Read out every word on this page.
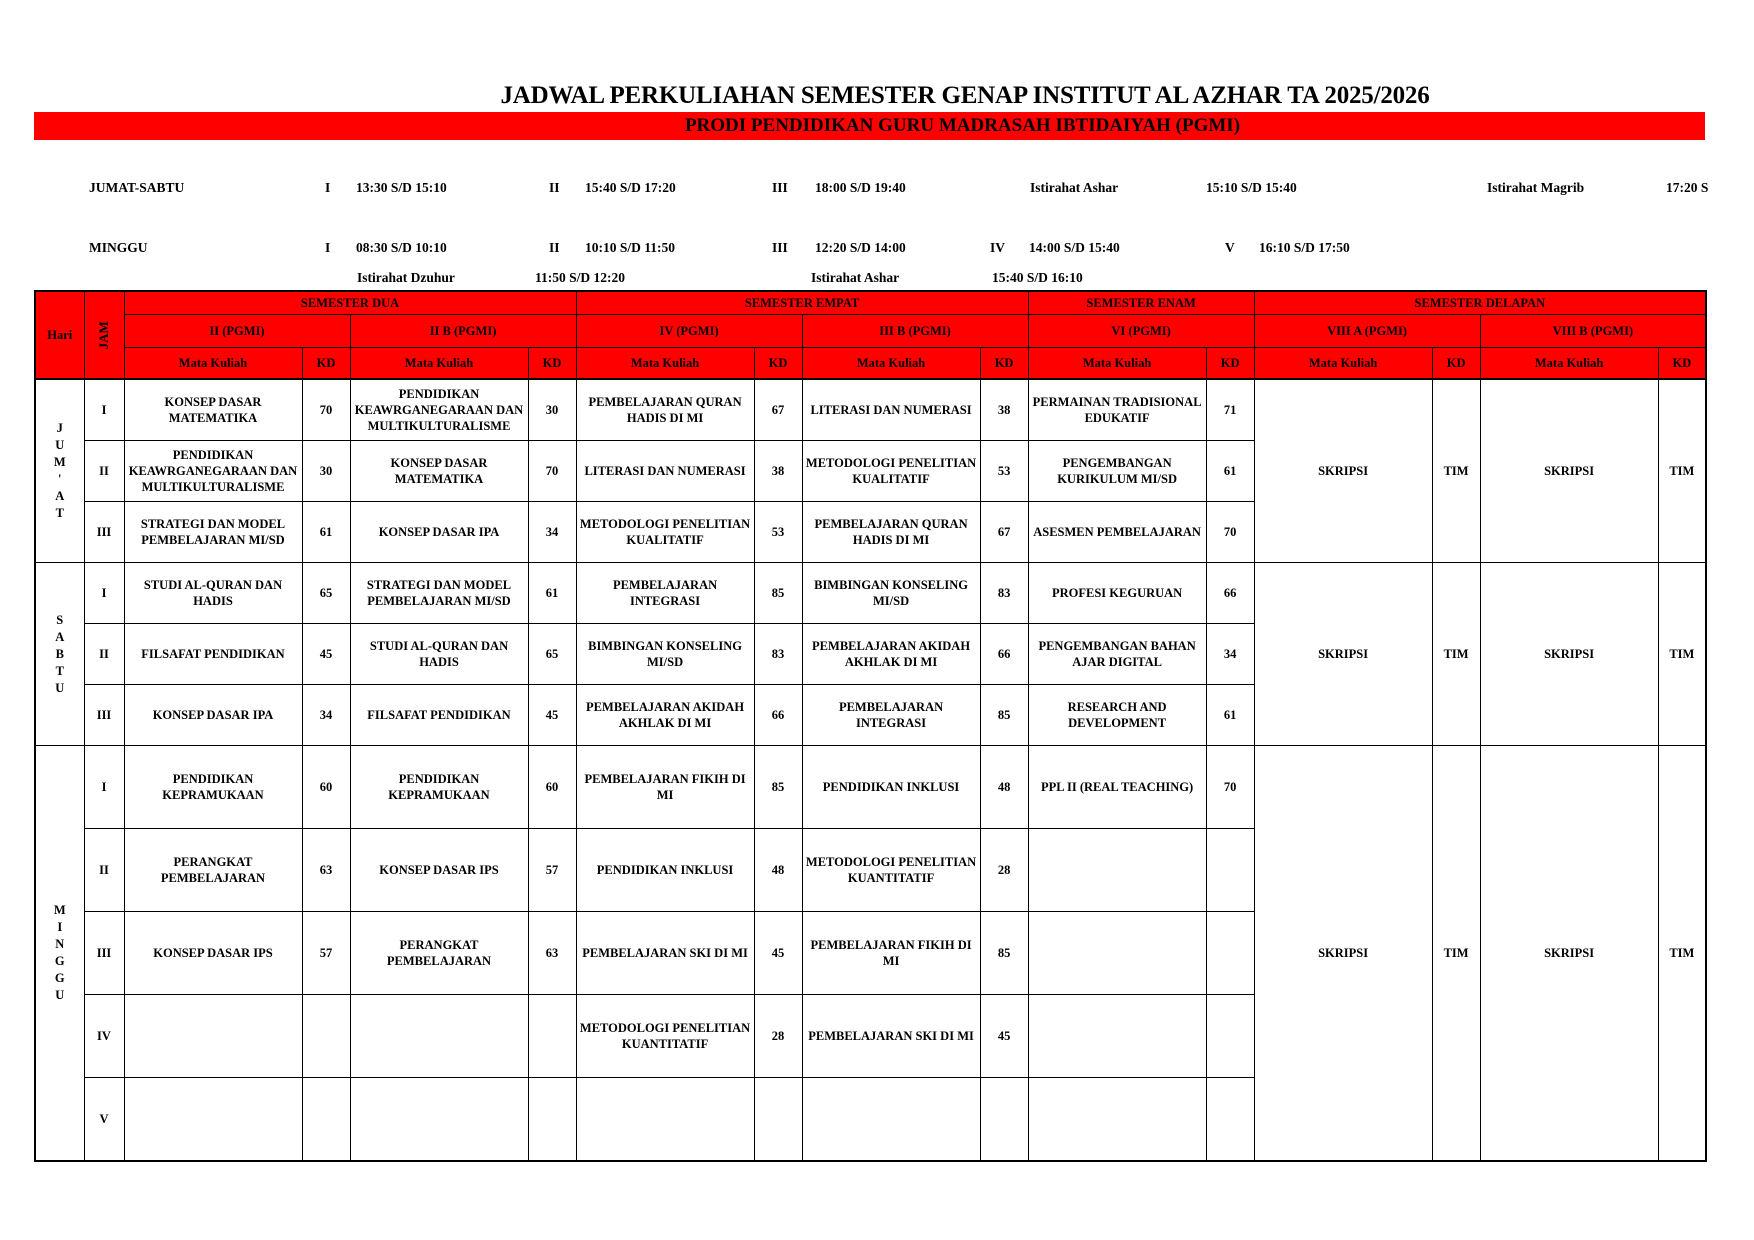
JADWAL PERKULIAHAN SEMESTER GENAP INSTITUT AL AZHAR TA 2025/2026
PRODI PENDIDIKAN GURU MADRASAH IBTIDAIYAH (PGMI)
JUMAT-SABTU	I 13:30 S/D 15:10	II 15:40 S/D 17:20	III 18:00 S/D 19:40	Istirahat Ashar	15:10 S/D 15:40	Istirahat Magrib	17:20 S
MINGGU	I 08:30 S/D 10:10	II 10:10 S/D 11:50	III 12:20 S/D 14:00	IV 14:00 S/D 15:40	V 16:10 S/D 17:50
Istirahat Dzuhur	11:50 S/D 12:20	Istirahat Ashar	15:40 S/D 16:10
Hari	JAM	SEMESTER DUA				SEMESTER EMPAT				SEMESTER ENAM		SEMESTER DELAPAN			
		II (PGMI)		II B (PGMI)		IV (PGMI)		III B (PGMI)		VI (PGMI)		VIII A (PGMI)		VIII B (PGMI)	
		Mata Kuliah	KD	Mata Kuliah	KD	Mata Kuliah	KD	Mata Kuliah	KD	Mata Kuliah	KD	Mata Kuliah	KD	Mata Kuliah	KD

J
U
M
'
A
T
	I	KONSEP DASAR MATEMATIKA	70	PENDIDIKAN KEAWRGANEGARAAN DAN MULTIKULTURALISME	30	PEMBELAJARAN QURAN HADIS DI MI	67	LITERASI DAN NUMERASI	38	PERMAINAN TRADISIONAL EDUKATIF	71	SKRIPSI	TIM	SKRIPSI	TIM
	II	PENDIDIKAN KEAWRGANEGARAAN DAN MULTIKULTURALISME	30	KONSEP DASAR MATEMATIKA	70	LITERASI DAN NUMERASI	38	METODOLOGI PENELITIAN KUALITATIF	53	PENGEMBANGAN KURIKULUM MI/SD	61				
	III	STRATEGI DAN MODEL PEMBELAJARAN MI/SD	61	KONSEP DASAR IPA	34	METODOLOGI PENELITIAN KUALITATIF	53	PEMBELAJARAN QURAN HADIS DI MI	67	ASESMEN PEMBELAJARAN	70				

S
A
B
T
U	I	STUDI AL-QURAN DAN HADIS	65	STRATEGI DAN MODEL PEMBELAJARAN MI/SD	61	PEMBELAJARAN INTEGRASI	85	BIMBINGAN KONSELING MI/SD	83	PROFESI KEGURUAN	66	SKRIPSI	TIM	SKRIPSI	TIM
	II	FILSAFAT PENDIDIKAN	45	STUDI AL-QURAN DAN HADIS	65	BIMBINGAN KONSELING MI/SD	83	PEMBELAJARAN AKIDAH AKHLAK DI MI	66	PENGEMBANGAN BAHAN AJAR DIGITAL	34				
	III	KONSEP DASAR IPA	34	FILSAFAT PENDIDIKAN	45	PEMBELAJARAN AKIDAH AKHLAK DI MI	66	PEMBELAJARAN INTEGRASI	85	RESEARCH AND DEVELOPMENT	61				

M
I
N
G
G
U
	I	PENDIDIKAN KEPRAMUKAAN	60	PENDIDIKAN KEPRAMUKAAN	60	PEMBELAJARAN FIKIH DI MI	85	PENDIDIKAN INKLUSI	48	PPL II (REAL TEACHING)	70	SKRIPSI	TIM	SKRIPSI	TIM
	II	PERANGKAT PEMBELAJARAN	63	KONSEP DASAR IPS	57	PENDIDIKAN INKLUSI	48	METODOLOGI PENELITIAN KUANTITATIF	28						
	III	KONSEP DASAR IPS	57	PERANGKAT PEMBELAJARAN	63	PEMBELAJARAN SKI DI MI	45	PEMBELAJARAN FIKIH DI MI	85						
	IV					METODOLOGI PENELITIAN KUANTITATIF	28	PEMBELAJARAN SKI DI MI	45						
	V														
